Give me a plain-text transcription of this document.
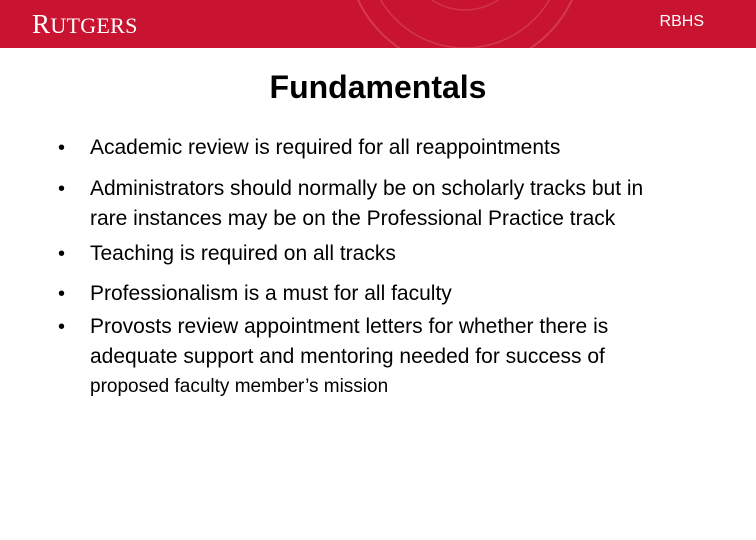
RUTGERS	RBHS
Fundamentals
• Academic review is required for all reappointments
• Administrators should normally be on scholarly tracks but in
rare instances may be on the Professional Practice track
• Teaching is required on all tracks
• Professionalism is a must for all faculty
• Provosts review appointment letters for whether there is
adequate support and mentoring needed for success of
proposed faculty member’s mission
